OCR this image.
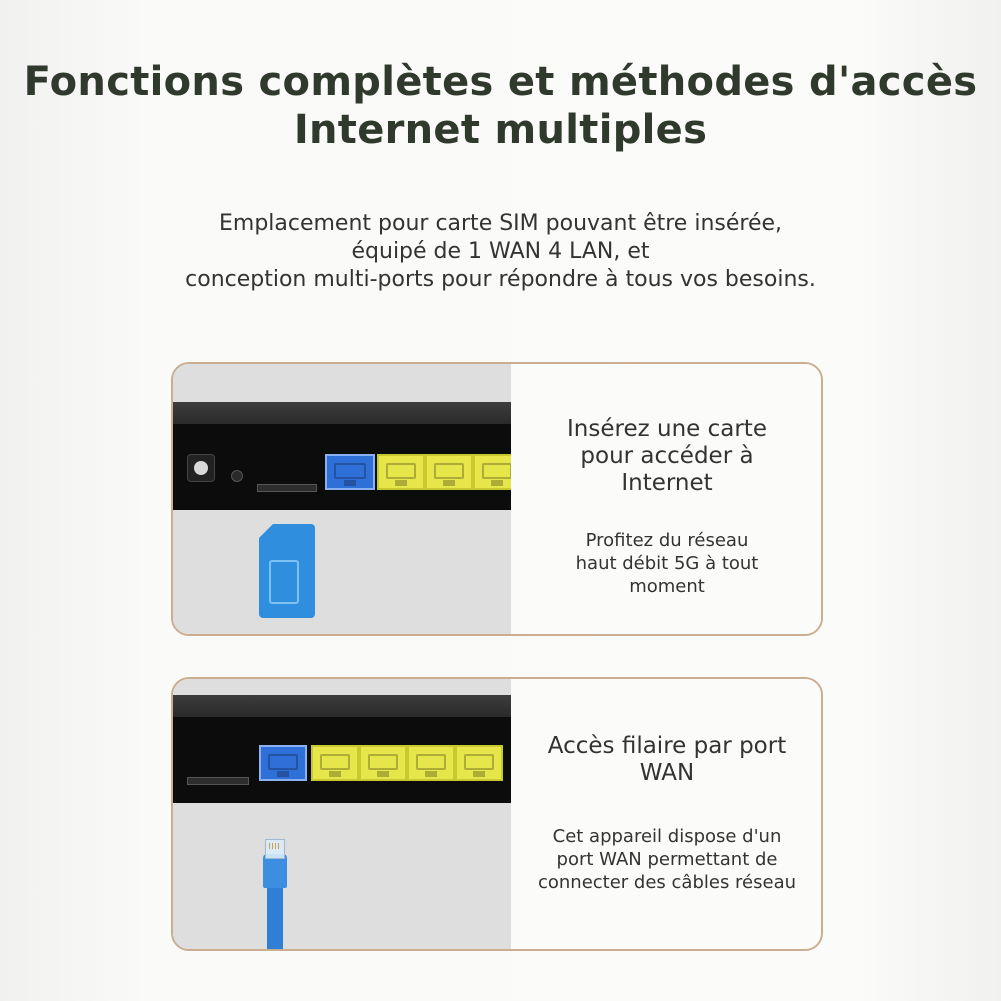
Fonctions complètes et méthodes d'accès
Internet multiples
Emplacement pour carte SIM pouvant être insérée,
équipé de 1 WAN 4 LAN, et
conception multi-ports pour répondre à tous vos besoins.
Insérez une carte
pour accéder à
Internet
Profitez du réseau
haut débit 5G à tout
moment
Accès filaire par port
WAN
Cet appareil dispose d'un
port WAN permettant de
connecter des câbles réseau
